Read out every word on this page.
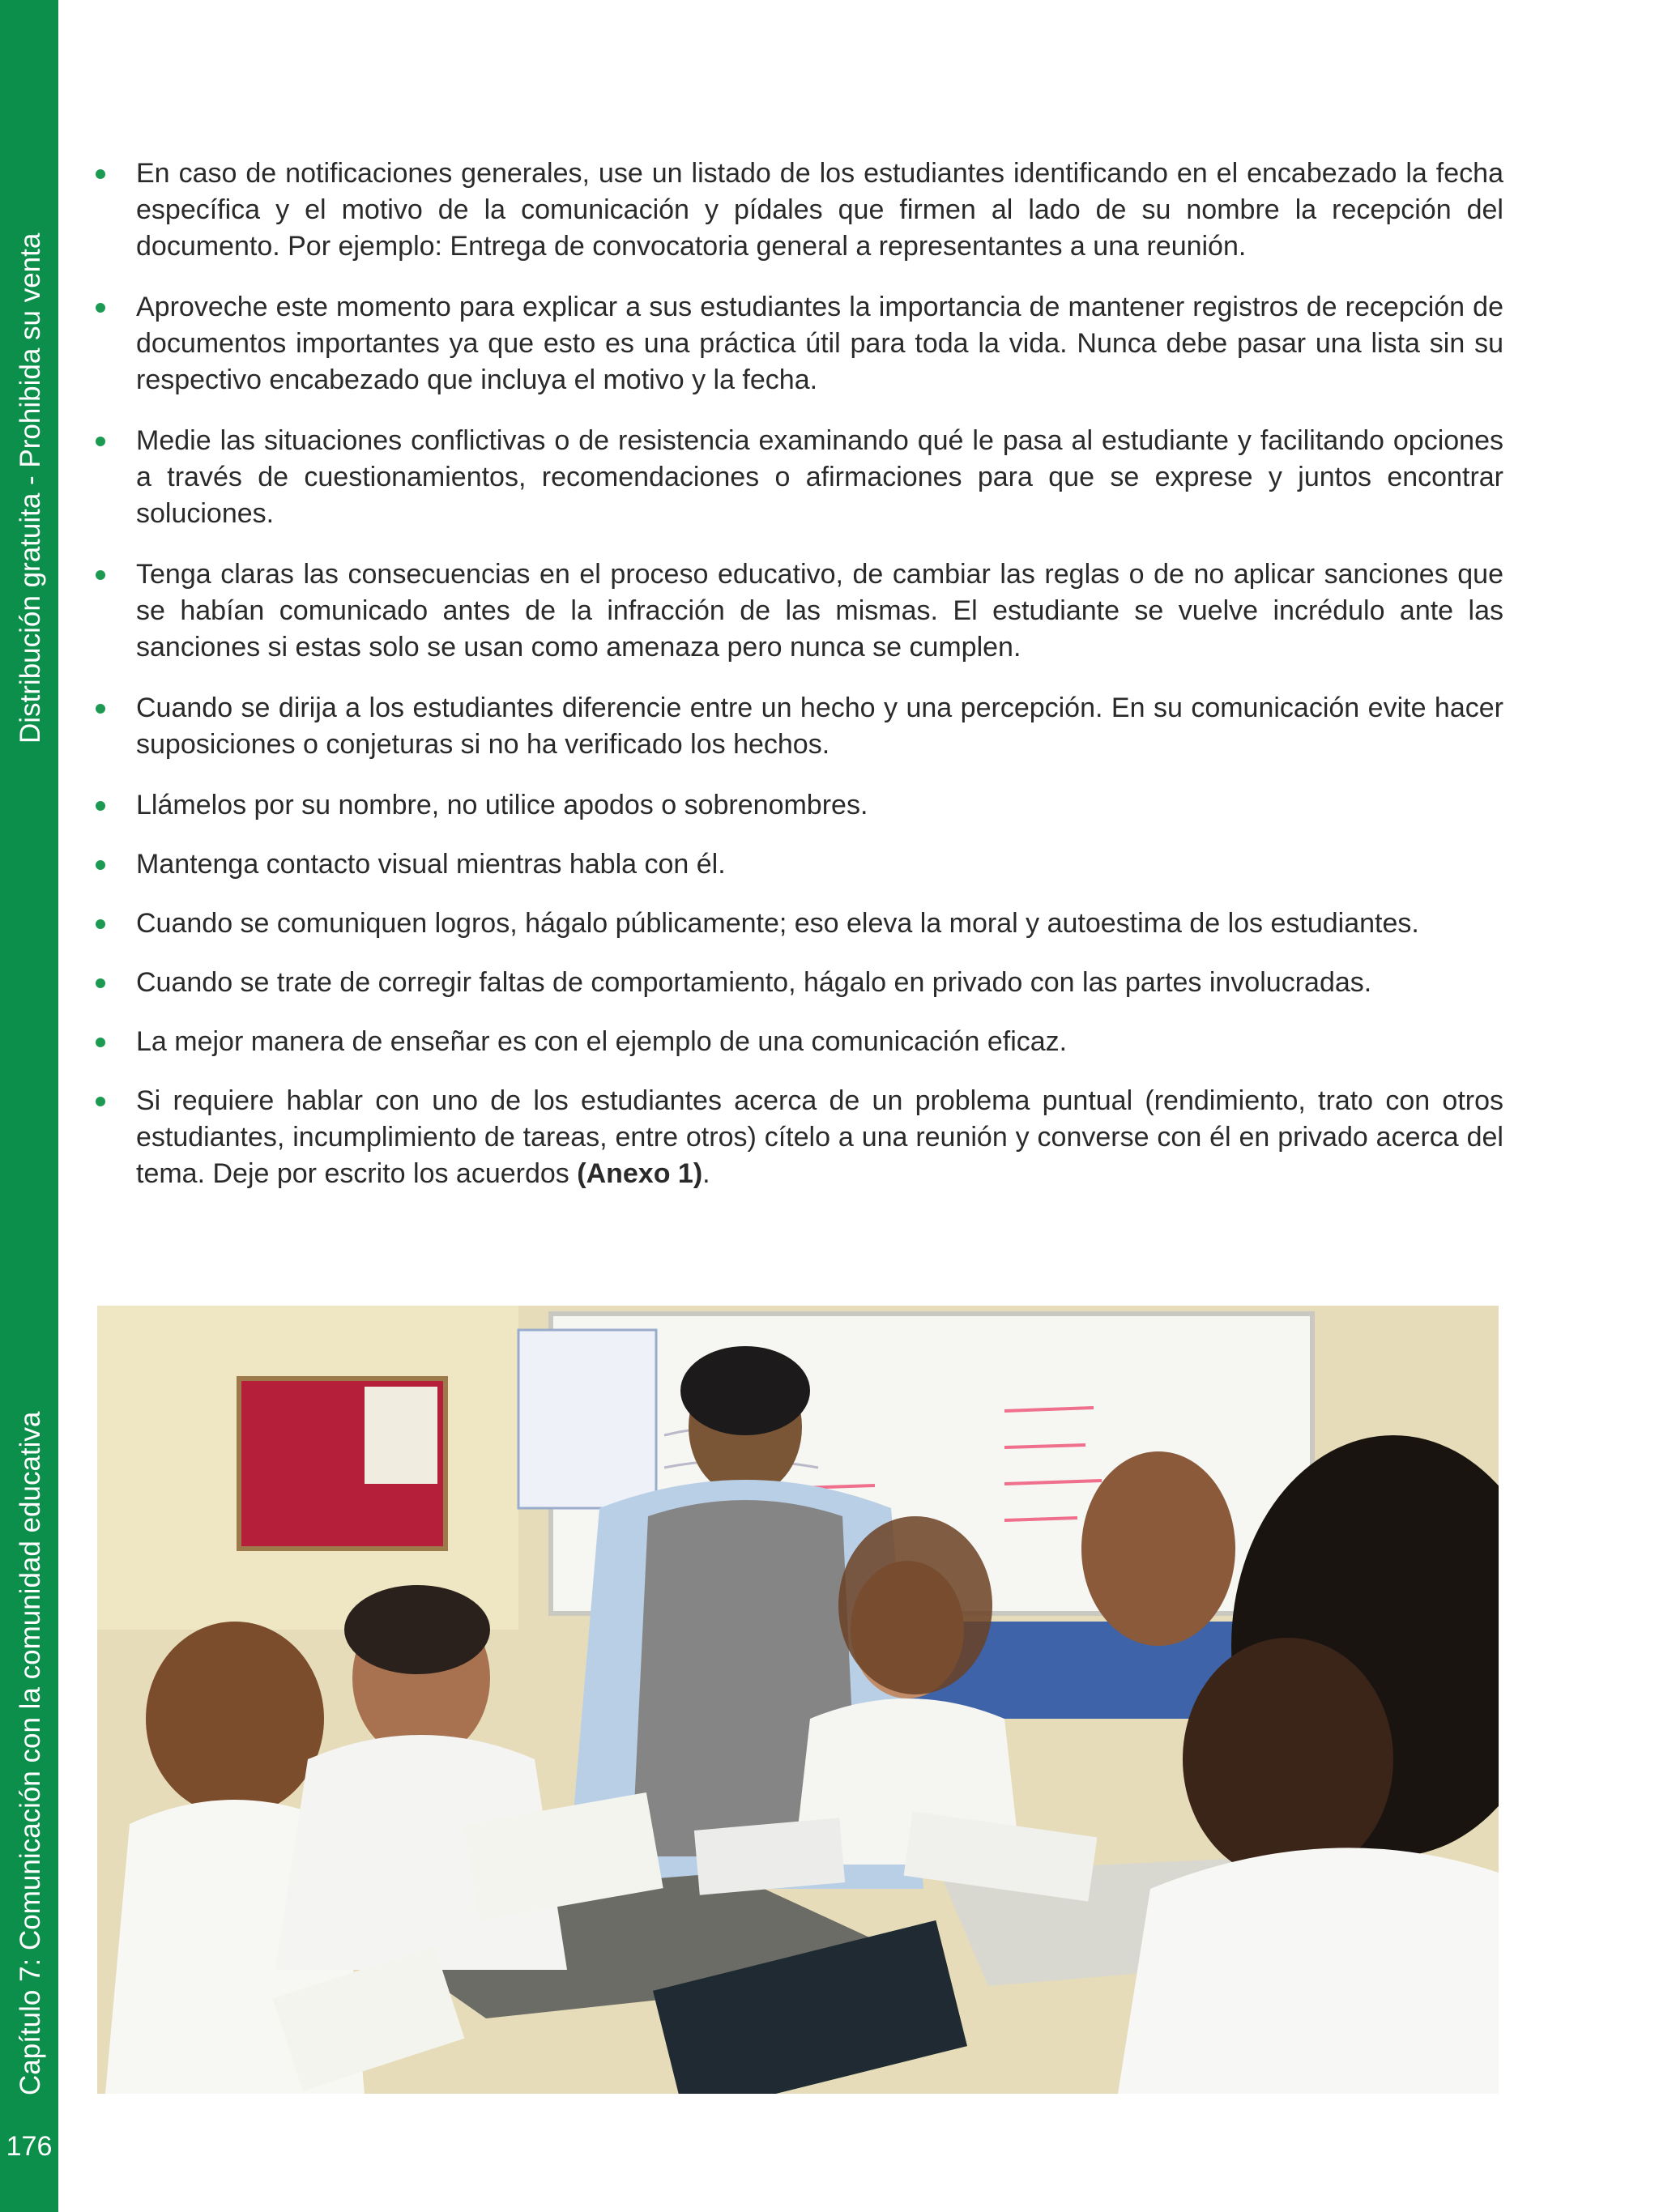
Distribución gratuita - Prohibida su venta
Capítulo 7: Comunicación con la comunidad educativa
176
En caso de notificaciones generales, use un listado de los estudiantes identificando en el encabezado la fecha específica y el motivo de la comunicación y pídales que firmen al lado de su nombre la recepción del documento. Por ejemplo: Entrega de convocatoria general a representantes a una reunión.
Aproveche este momento para explicar a sus estudiantes la importancia de mantener registros de recepción de documentos importantes ya que esto es una práctica útil para toda la vida. Nunca debe pasar una lista sin su respectivo encabezado que incluya el motivo y la fecha.
Medie las situaciones conflictivas o de resistencia examinando qué le pasa al estudiante y facilitando opciones a través de cuestionamientos, recomendaciones o afirmaciones para que se exprese y juntos encontrar soluciones.
Tenga claras las consecuencias en el proceso educativo, de cambiar las reglas o de no aplicar sanciones que se habían comunicado antes de la infracción de las mismas. El estudiante se vuelve incrédulo ante las sanciones si estas solo se usan como amenaza pero nunca se cumplen.
Cuando se dirija a los estudiantes diferencie entre un hecho y una percepción. En su comunicación evite hacer suposiciones o conjeturas si no ha verificado los hechos.
Llámelos por su nombre, no utilice apodos o sobrenombres.
Mantenga contacto visual mientras habla con él.
Cuando se comuniquen logros, hágalo públicamente; eso eleva la moral y autoestima de los estudiantes.
Cuando se trate de corregir faltas de comportamiento, hágalo en privado con las partes involucradas.
La mejor manera de enseñar es con el ejemplo de una comunicación eficaz.
Si requiere hablar con uno de los estudiantes acerca de un problema puntual (rendimiento, trato con otros estudiantes, incumplimiento de tareas, entre otros) cítelo a una reunión y converse con él en privado acerca del tema. Deje por escrito los acuerdos (Anexo 1).
